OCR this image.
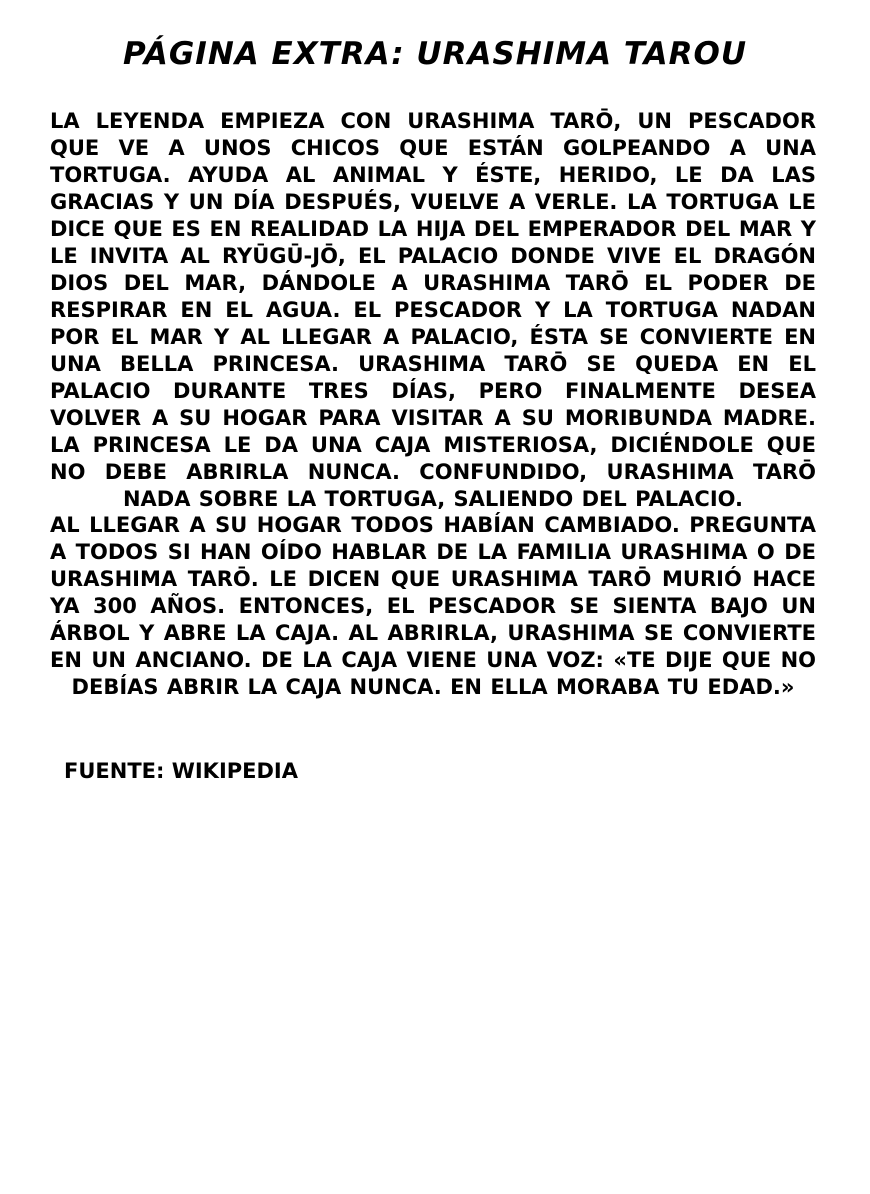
PÁGINA EXTRA: URASHIMA TAROU
LA LEYENDA EMPIEZA CON URASHIMA TARŌ, UN PESCADOR QUE VE A UNOS CHICOS QUE ESTÁN GOLPEANDO A UNA TORTUGA. AYUDA AL ANIMAL Y ÉSTE, HERIDO, LE DA LAS GRACIAS Y UN DÍA DESPUÉS, VUELVE A VERLE. LA TORTUGA LE DICE QUE ES EN REALIDAD LA HIJA DEL EMPERADOR DEL MAR Y LE INVITA AL RYŪGŪ-JŌ, EL PALACIO DONDE VIVE EL DRAGÓN DIOS DEL MAR, DÁNDOLE A URASHIMA TARŌ EL PODER DE RESPIRAR EN EL AGUA. EL PESCADOR Y LA TORTUGA NADAN POR EL MAR Y AL LLEGAR A PALACIO, ÉSTA SE CONVIERTE EN UNA BELLA PRINCESA. URASHIMA TARŌ SE QUEDA EN EL PALACIO DURANTE TRES DÍAS, PERO FINALMENTE DESEA VOLVER A SU HOGAR PARA VISITAR A SU MORIBUNDA MADRE. LA PRINCESA LE DA UNA CAJA MISTERIOSA, DICIÉNDOLE QUE NO DEBE ABRIRLA NUNCA. CONFUNDIDO, URASHIMA TARŌ NADA SOBRE LA TORTUGA, SALIENDO DEL PALACIO.
AL LLEGAR A SU HOGAR TODOS HABÍAN CAMBIADO. PREGUNTA A TODOS SI HAN OÍDO HABLAR DE LA FAMILIA URASHIMA O DE URASHIMA TARŌ. LE DICEN QUE URASHIMA TARŌ MURIÓ HACE YA 300 AÑOS. ENTONCES, EL PESCADOR SE SIENTA BAJO UN ÁRBOL Y ABRE LA CAJA. AL ABRIRLA, URASHIMA SE CONVIERTE EN UN ANCIANO. DE LA CAJA VIENE UNA VOZ: «TE DIJE QUE NO DEBÍAS ABRIR LA CAJA NUNCA. EN ELLA MORABA TU EDAD.»
FUENTE: WIKIPEDIA
